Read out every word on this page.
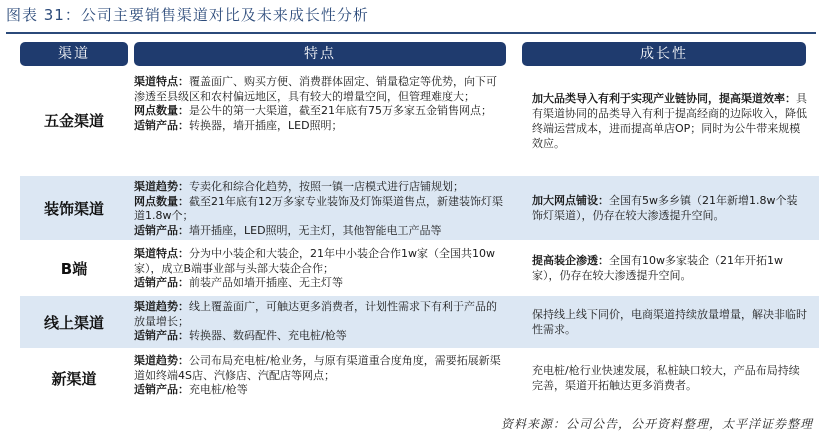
图表 31：公司主要销售渠道对比及未来成长性分析
渠道	特点	成长性
五金渠道

渠道特点：覆盖面广、购买方便、消费群体固定、销量稳定等优势，向下可渗透至县级区和农村偏远地区，具有较大的增量空间，但管理难度大；

网点数量：是公牛的第一大渠道，截至21年底有75万多家五金销售网点；

适销产品：转换器，墙开插座，LED照明；

加大品类导入有利于实现产业链协同，提高渠道效率：具有渠道协同的品类导入有利于提高经商的边际收入，降低终端运营成本，进而提高单店OP；同时为公牛带来规模效应。

装饰渠道

渠道趋势：专卖化和综合化趋势，按照一镇一店模式进行店铺规划；

网点数量：截至21年底有12万多家专业装饰及灯饰渠道售点，新建装饰灯渠道1.8w个；

适销产品：墙开插座，LED照明，无主灯，其他智能电工产品等

加大网点铺设：全国有5w多乡镇（21年新增1.8w个装饰灯渠道），仍存在较大渗透提升空间。

B端

渠道特点：分为中小装企和大装企，21年中小装企合作1w家（全国共10w家），成立B端事业部与头部大装企合作；

适销产品：前装产品如墙开插座、无主灯等

提高装企渗透：全国有10w多家装企（21年开拓1w家），仍存在较大渗透提升空间。

线上渠道

渠道趋势：线上覆盖面广，可触达更多消费者，计划性需求下有利于产品的放量增长；

适销产品：转换器、数码配件、充电桩/枪等

保持线上线下同价，电商渠道持续放量增量，解决非临时性需求。

新渠道

渠道趋势：公司布局充电桩/枪业务，与原有渠道重合度角度，需要拓展新渠道如终端4S店、汽修店、汽配店等网点；

适销产品：充电桩/枪等

充电桩/枪行业快速发展，私桩缺口较大，产品布局持续完善，渠道开拓触达更多消费者。

资料来源：公司公告，公开资料整理，太平洋证券整理
